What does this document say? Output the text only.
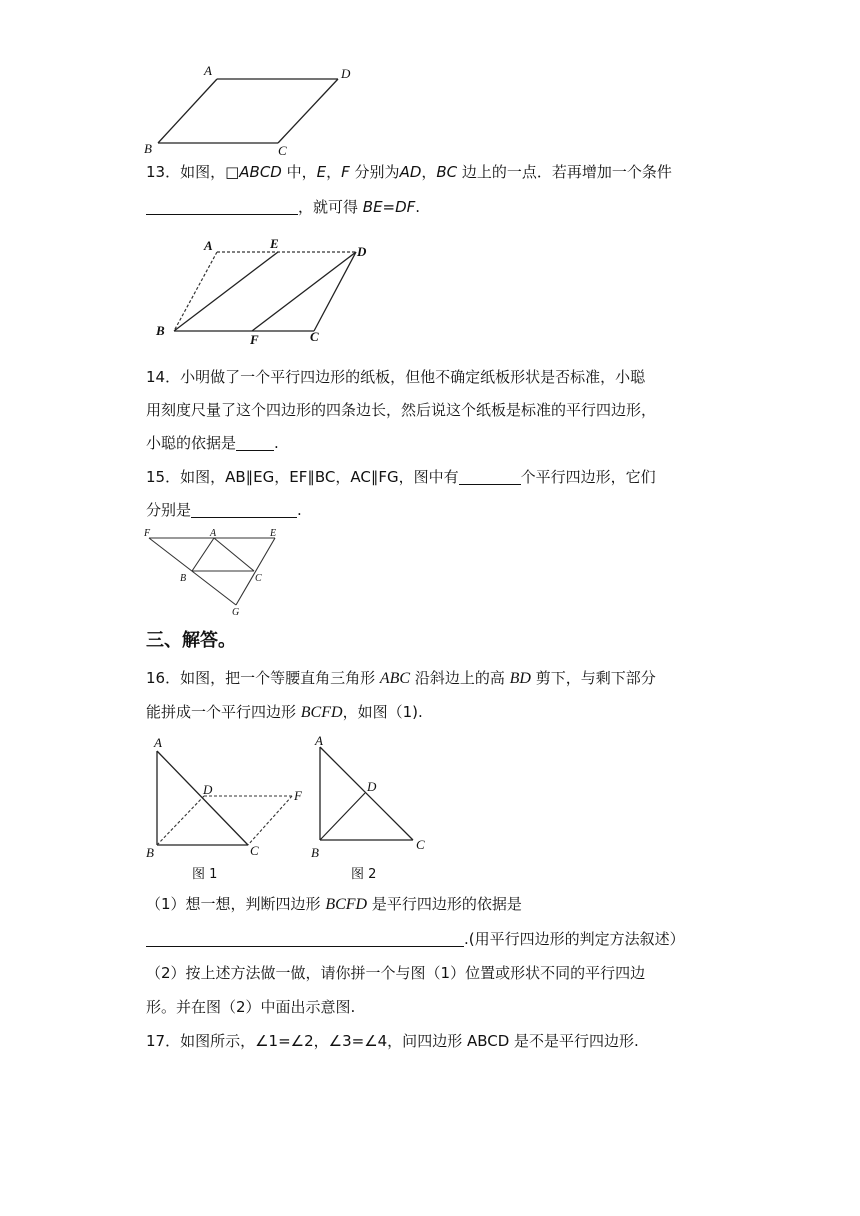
A	D
B	C
13．如图，□ABCD 中，E，F 分别为AD，BC 边上的一点．若再增加一个条件
，就可得 BE=DF.
A	E
D
B
F	C
14．小明做了一个平行四边形的纸板，但他不确定纸板形状是否标准，小聪
用刻度尺量了这个四边形的四条边长，然后说这个纸板是标准的平行四边形，
小聪的依据是	.
15．如图，AB∥EG，EF∥BC，AC∥FG，图中有	个平行四边形，它们
分别是	.
F	A	E
B	C
G
三、解答。
16．如图，把一个等腰直角三角形 ABC 沿斜边上的高 BD 剪下，与剩下部分
能拼成一个平行四边形 BCFD，如图（1).
A
D	F
B	C
图 1
A
D
B
C
图 2
（1）想一想，判断四边形 BCFD 是平行四边形的依据是
.(用平行四边形的判定方法叙述）
（2）按上述方法做一做，请你拼一个与图（1）位置或形状不同的平行四边
形。并在图（2）中面出示意图.
17．如图所示，∠1=∠2，∠3=∠4，问四边形 ABCD 是不是平行四边形.
